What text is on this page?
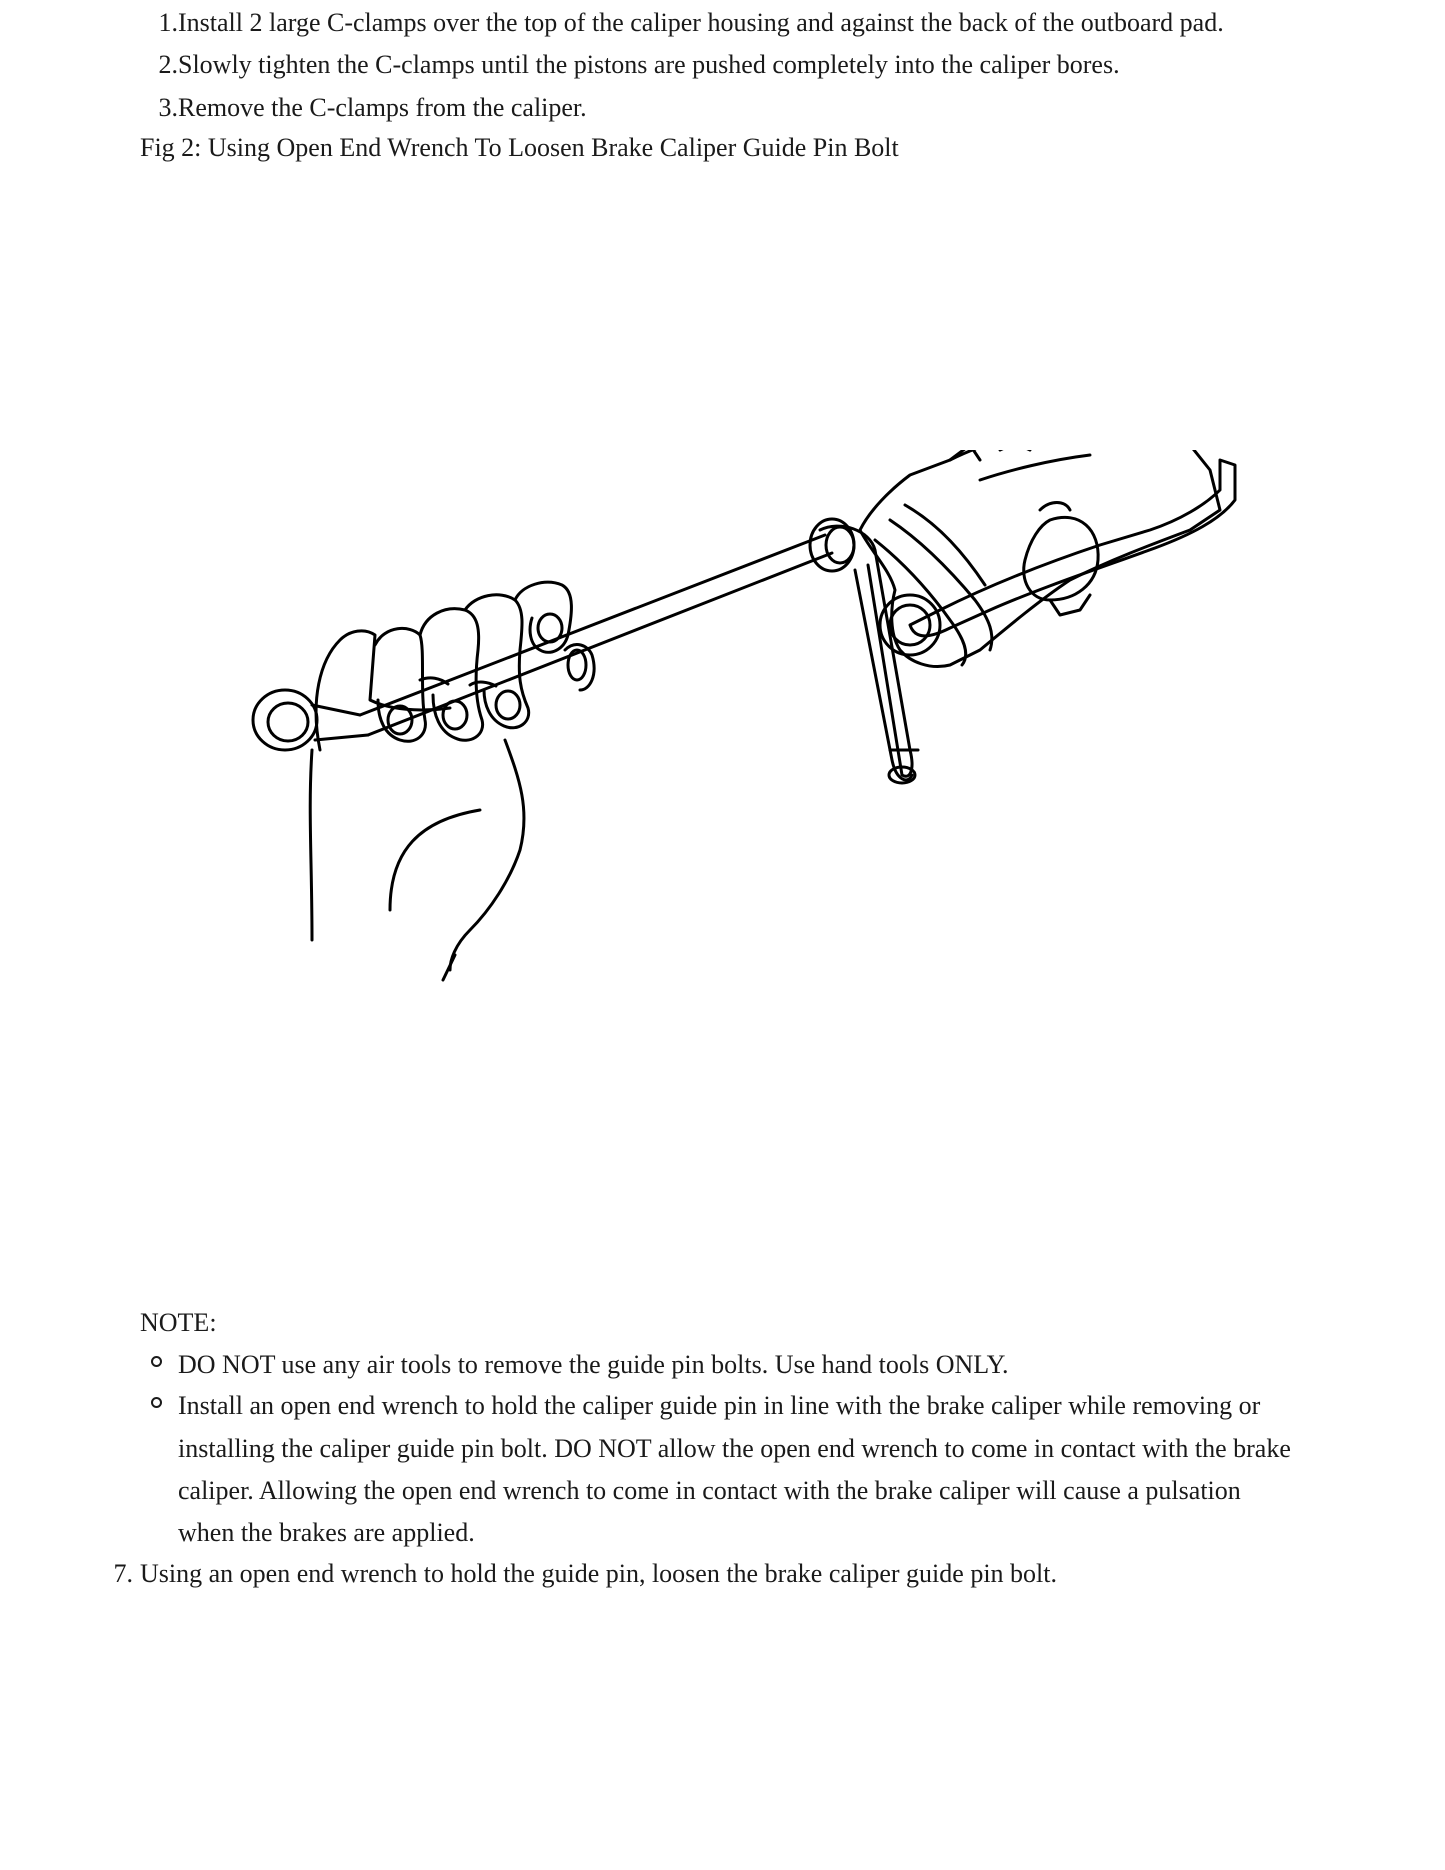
1. Install 2 large C-clamps over the top of the caliper housing and against the back of the outboard pad.
2. Slowly tighten the C-clamps until the pistons are pushed completely into the caliper bores.
3. Remove the C-clamps from the caliper.
Fig 2: Using Open End Wrench To Loosen Brake Caliper Guide Pin Bolt
NOTE:
DO NOT use any air tools to remove the guide pin bolts. Use hand tools ONLY.
Install an open end wrench to hold the caliper guide pin in line with the brake caliper while removing or
installing the caliper guide pin bolt. DO NOT allow the open end wrench to come in contact with the brake
caliper. Allowing the open end wrench to come in contact with the brake caliper will cause a pulsation
when the brakes are applied.
7. Using an open end wrench to hold the guide pin, loosen the brake caliper guide pin bolt.
